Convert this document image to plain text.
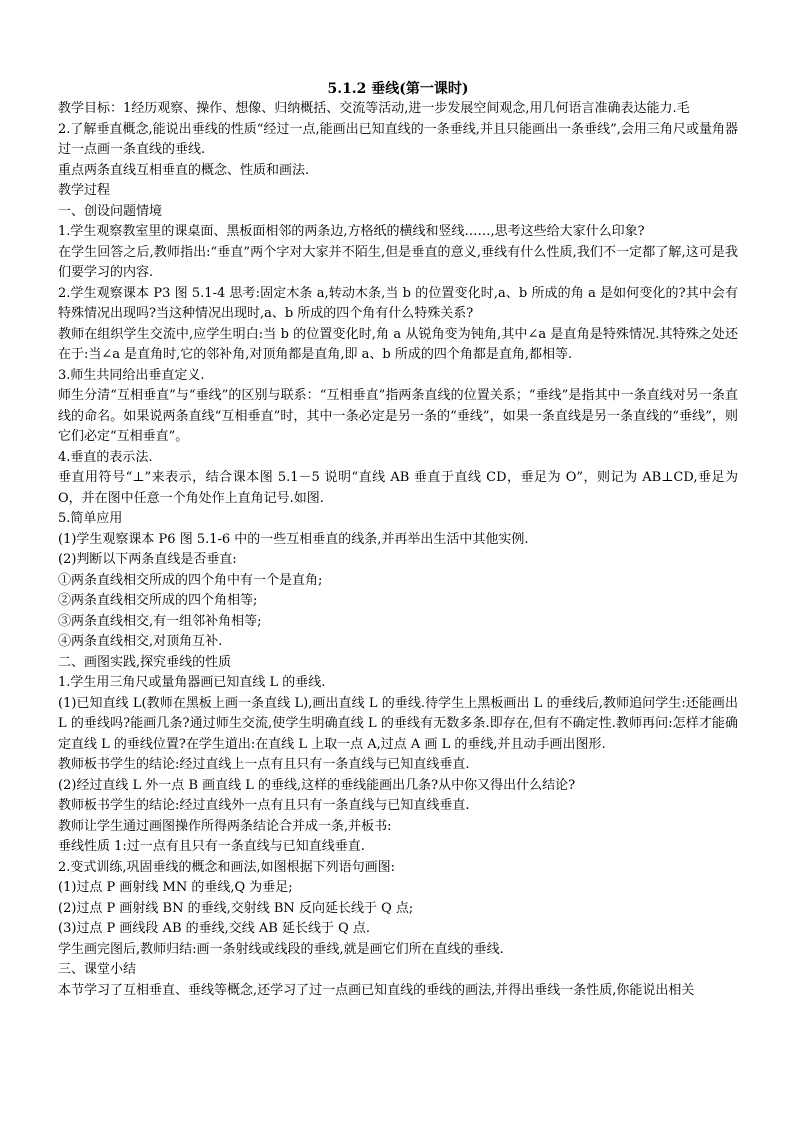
5.1.2 垂线(第一课时)

教学目标：1经历观察、操作、想像、归纳概括、交流等活动,进一步发展空间观念,用几何语言准确表达能力.毛

2.了解垂直概念,能说出垂线的性质“经过一点,能画出已知直线的一条垂线,并且只能画出一条垂线”,会用三角尺或量角器过一点画一条直线的垂线.

重点两条直线互相垂直的概念、性质和画法.

教学过程

一、创设问题情境

1.学生观察教室里的课桌面、黑板面相邻的两条边,方格纸的横线和竖线……,思考这些给大家什么印象?

在学生回答之后,教师指出:“垂直”两个字对大家并不陌生,但是垂直的意义,垂线有什么性质,我们不一定都了解,这可是我们要学习的内容.

2.学生观察课本 P3 图 5.1-4 思考:固定木条 a,转动木条,当 b 的位置变化时,a、b 所成的角 a 是如何变化的?其中会有特殊情况出现吗?当这种情况出现时,a、b 所成的四个角有什么特殊关系?

教师在组织学生交流中,应学生明白:当 b 的位置变化时,角 a 从锐角变为钝角,其中∠a 是直角是特殊情况.其特殊之处还在于:当∠a 是直角时,它的邻补角,对顶角都是直角,即 a、b 所成的四个角都是直角,都相等.

3.师生共同给出垂直定义.

师生分清“互相垂直”与“垂线”的区别与联系：“互相垂直”指两条直线的位置关系；“垂线”是指其中一条直线对另一条直线的命名。如果说两条直线“互相垂直”时，其中一条必定是另一条的“垂线”，如果一条直线是另一条直线的“垂线”，则它们必定“互相垂直”。

4.垂直的表示法.

垂直用符号“⊥”来表示，结合课本图 5.1－5 说明“直线 AB 垂直于直线 CD，垂足为 O”，则记为 AB⊥CD,垂足为 O，并在图中任意一个角处作上直角记号.如图.

5.简单应用

(1)学生观察课本 P6 图 5.1-6 中的一些互相垂直的线条,并再举出生活中其他实例.

(2)判断以下两条直线是否垂直:

①两条直线相交所成的四个角中有一个是直角;

②两条直线相交所成的四个角相等;

③两条直线相交,有一组邻补角相等;

④两条直线相交,对顶角互补.

二、画图实践,探究垂线的性质

1.学生用三角尺或量角器画已知直线 L 的垂线.

(1)已知直线 L(教师在黑板上画一条直线 L),画出直线 L 的垂线.待学生上黑板画出 L 的垂线后,教师追问学生:还能画出 L 的垂线吗?能画几条?通过师生交流,使学生明确直线 L 的垂线有无数多条.即存在,但有不确定性.教师再问:怎样才能确定直线 L 的垂线位置?在学生道出:在直线 L 上取一点 A,过点 A 画 L 的垂线,并且动手画出图形.

教师板书学生的结论:经过直线上一点有且只有一条直线与已知直线垂直.

(2)经过直线 L 外一点 B 画直线 L 的垂线,这样的垂线能画出几条?从中你又得出什么结论?

教师板书学生的结论:经过直线外一点有且只有一条直线与已知直线垂直.

教师让学生通过画图操作所得两条结论合并成一条,并板书:

垂线性质 1:过一点有且只有一条直线与已知直线垂直.

2.变式训练,巩固垂线的概念和画法,如图根据下列语句画图:

(1)过点 P 画射线 MN 的垂线,Q 为垂足;

(2)过点 P 画射线 BN 的垂线,交射线 BN 反向延长线于 Q 点;

(3)过点 P 画线段 AB 的垂线,交线 AB 延长线于 Q 点.

学生画完图后,教师归结:画一条射线或线段的垂线,就是画它们所在直线的垂线.

三、课堂小结

本节学习了互相垂直、垂线等概念,还学习了过一点画已知直线的垂线的画法,并得出垂线一条性质,你能说出相关
